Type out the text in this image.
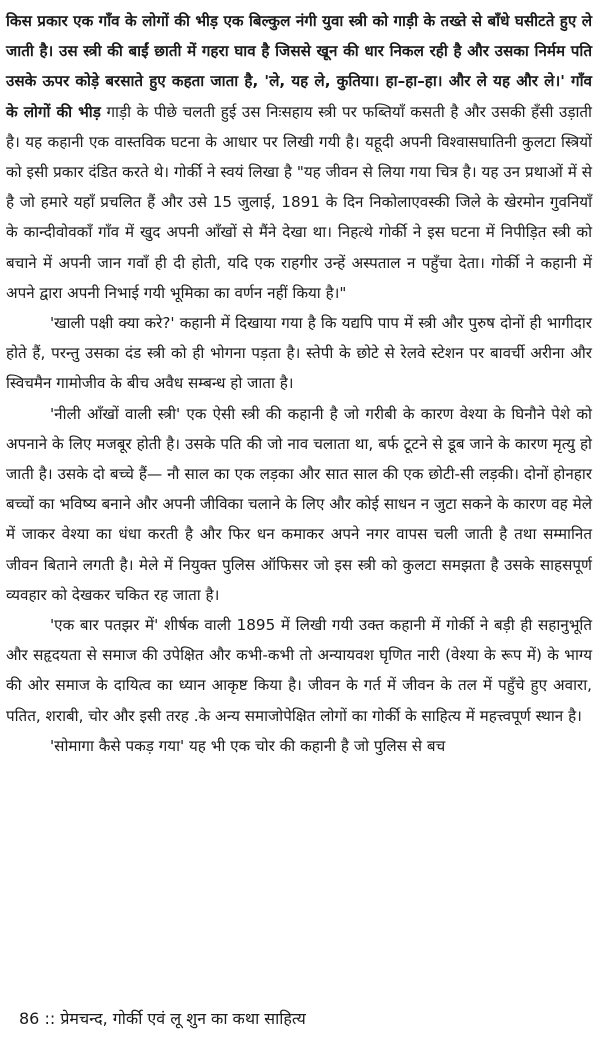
किस प्रकार एक गाँव के लोगों की भीड़ एक बिल्कुल नंगी युवा स्त्री को गाड़ी के तख्ते से बाँधे घसीटते हुए ले जाती है। उस स्त्री की बाईं छाती में गहरा घाव है जिससे खून की धार निकल रही है और उसका निर्मम पति उसके ऊपर कोड़े बरसाते हुए कहता जाता है, 'ले, यह ले, कुतिया। हा–हा–हा। और ले यह और ले।' गाँव के लोगों की भीड़ गाड़ी के पीछे चलती हुई उस निःसहाय स्त्री पर फब्तियाँ कसती है और उसकी हँसी उड़ाती है। यह कहानी एक वास्तविक घटना के आधार पर लिखी गयी है। यहूदी अपनी विश्वासघातिनी कुलटा स्त्रियों को इसी प्रकार दंडित करते थे। गोर्की ने स्वयं लिखा है "यह जीवन से लिया गया चित्र है। यह उन प्रथाओं में से है जो हमारे यहाँ प्रचलित हैं और उसे 15 जुलाई, 1891 के दिन निकोलाएवस्की जिले के खेरमोन गुवनियाँ के कान्दीवोवकाँ गाँव में खुद अपनी आँखों से मैंने देखा था। निहत्थे गोर्की ने इस घटना में निपीड़ित स्त्री को बचाने में अपनी जान गवाँ ही दी होती, यदि एक राहगीर उन्हें अस्पताल न पहुँचा देता। गोर्की ने कहानी में अपने द्वारा अपनी निभाई गयी भूमिका का वर्णन नहीं किया है।"

'खाली पक्षी क्या करे?' कहानी में दिखाया गया है कि यद्यपि पाप में स्त्री और पुरुष दोनों ही भागीदार होते हैं, परन्तु उसका दंड स्त्री को ही भोगना पड़ता है। स्तेपी के छोटे से रेलवे स्टेशन पर बावर्ची अरीना और स्विचमैन गामोजीव के बीच अवैध सम्बन्ध हो जाता है।

'नीली आँखों वाली स्त्री' एक ऐसी स्त्री की कहानी है जो गरीबी के कारण वेश्या के घिनौने पेशे को अपनाने के लिए मजबूर होती है। उसके पति की जो नाव चलाता था, बर्फ टूटने से डूब जाने के कारण मृत्यु हो जाती है। उसके दो बच्चे हैं— नौ साल का एक लड़का और सात साल की एक छोटी-सी लड़की। दोनों होनहार बच्चों का भविष्य बनाने और अपनी जीविका चलाने के लिए और कोई साधन न जुटा सकने के कारण वह मेले में जाकर वेश्या का धंधा करती है और फिर धन कमाकर अपने नगर वापस चली जाती है तथा सम्मानित जीवन बिताने लगती है। मेले में नियुक्त पुलिस ऑफिसर जो इस स्त्री को कुलटा समझता है उसके साहसपूर्ण व्यवहार को देखकर चकित रह जाता है।

'एक बार पतझर में' शीर्षक वाली 1895 में लिखी गयी उक्त कहानी में गोर्की ने बड़ी ही सहानुभूति और सहृदयता से समाज की उपेक्षित और कभी-कभी तो अन्यायवश घृणित नारी (वेश्या के रूप में) के भाग्य की ओर समाज के दायित्व का ध्यान आकृष्ट किया है। जीवन के गर्त में जीवन के तल में पहुँचे हुए अवारा, पतित, शराबी, चोर और इसी तरह .के अन्य समाजोपेक्षित लोगों का गोर्की के साहित्य में महत्त्वपूर्ण स्थान है।

'सोमागा कैसे पकड़ गया' यह भी एक चोर की कहानी है जो पुलिस से बच

86 :: प्रेमचन्द, गोर्की एवं लू शुन का कथा साहित्य
